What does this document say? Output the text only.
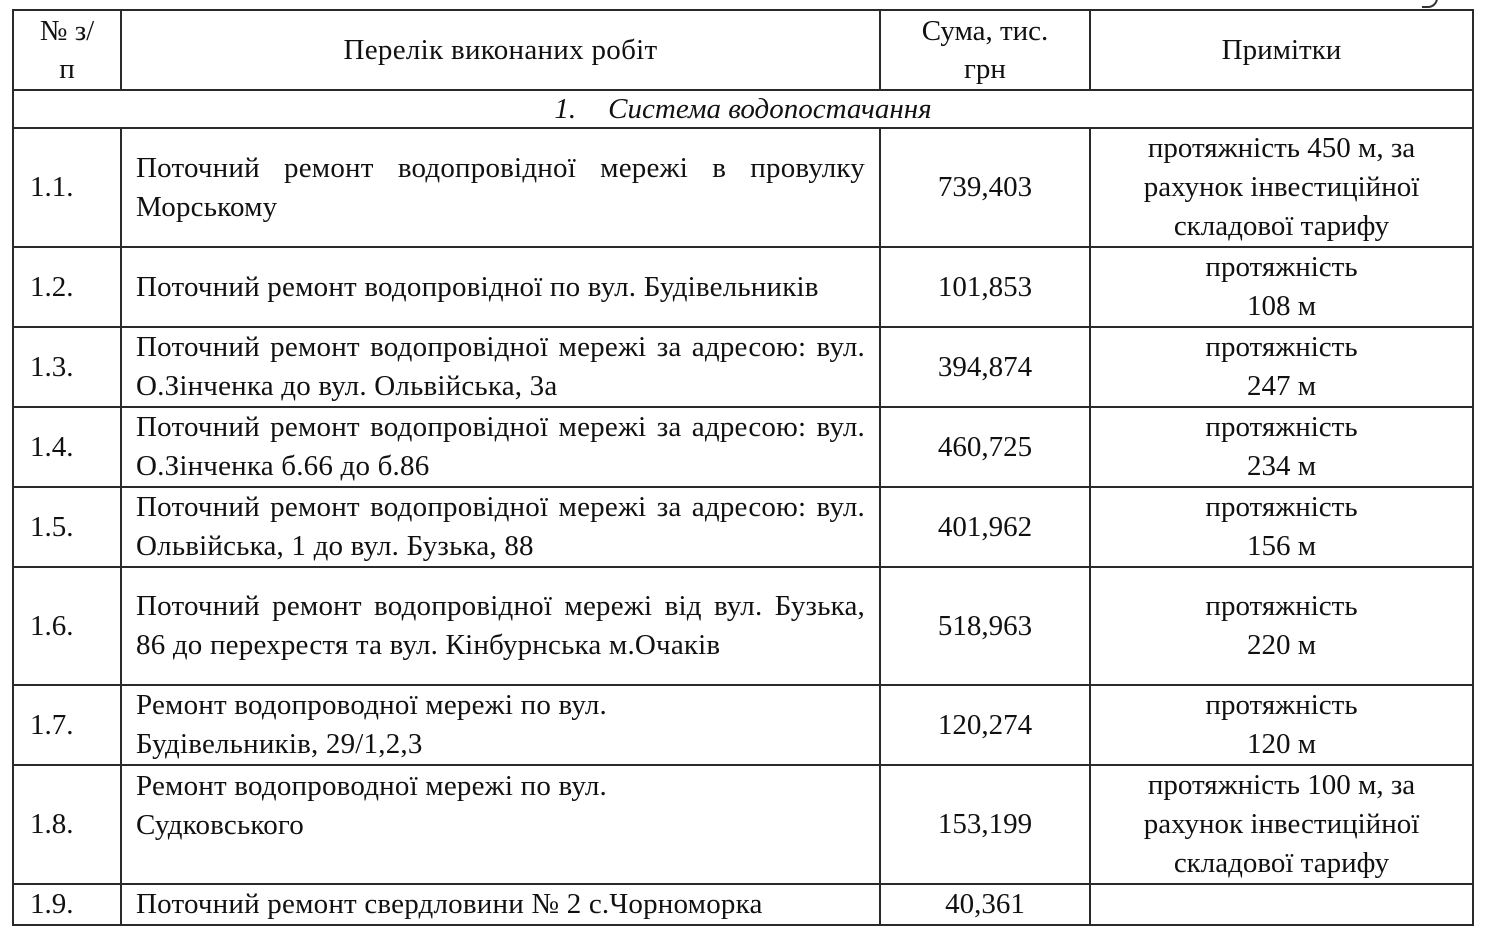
№ з/п	Перелік виконаних робіт	Сума, тис. грн	Примітки
1. Система водопостачання			
1.1.	Поточний ремонт водопровідної мережі в провулку Морському	739,403	протяжність 450 м, за рахунок інвестиційної складової тарифу
1.2.	Поточний ремонт водопровідної по вул. Будівельників	101,853	протяжність 108 м

1.3.	Поточний ремонт водопровідної мережі за адресою: вул. О.Зінченка до вул. Ольвійська, 3а	394,874	протяжність 247 м

1.4.	Поточний ремонт водопровідної мережі за адресою: вул. О.Зінченка б.66 до б.86	460,725	протяжність 234 м

1.5.	Поточний ремонт водопровідної мережі за адресою: вул. Ольвійська, 1 до вул. Бузька, 88	401,962	протяжність 156 м

1.6.	Поточний ремонт водопровідної мережі від вул. Бузька, 86 до перехрестя та вул. Кінбурнська м.Очаків	518,963	протяжність 220 м

1.7.	Ремонт водопроводної мережі по вул. Будівельників, 29/1,2,3	120,274	протяжність 120 м

1.8.	Ремонт водопроводної мережі по вул. Судковського	153,199	протяжність 100 м, за рахунок інвестиційної складової тарифу
1.9.	Поточний ремонт свердловини № 2 с.Чорноморка	40,361	
